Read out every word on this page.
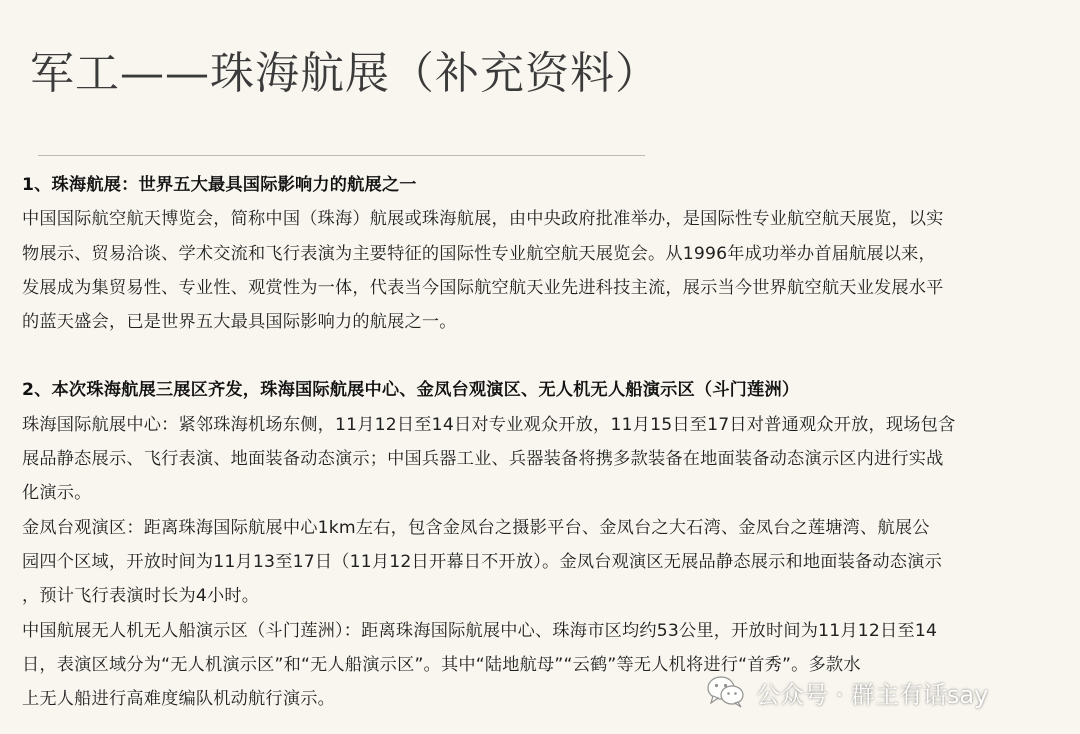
军工——珠海航展（补充资料）

1、珠海航展：世界五大最具国际影响力的航展之一

中国国际航空航天博览会，简称中国（珠海）航展或珠海航展，由中央政府批准举办，是国际性专业航空航天展览，以实

物展示、贸易洽谈、学术交流和飞行表演为主要特征的国际性专业航空航天展览会。从1996年成功举办首届航展以来，

发展成为集贸易性、专业性、观赏性为一体，代表当今国际航空航天业先进科技主流，展示当今世界航空航天业发展水平

的蓝天盛会，已是世界五大最具国际影响力的航展之一。

2、本次珠海航展三展区齐发，珠海国际航展中心、金凤台观演区、无人机无人船演示区（斗门莲洲）

珠海国际航展中心：紧邻珠海机场东侧，11月12日至14日对专业观众开放，11月15日至17日对普通观众开放，现场包含

展品静态展示、飞行表演、地面装备动态演示；中国兵器工业、兵器装备将携多款装备在地面装备动态演示区内进行实战

化演示。

金凤台观演区：距离珠海国际航展中心1km左右，包含金凤台之摄影平台、金凤台之大石湾、金凤台之莲塘湾、航展公

园四个区域，开放时间为11月13至17日（11月12日开幕日不开放）。金凤台观演区无展品静态展示和地面装备动态演示

，预计飞行表演时长为4小时。

中国航展无人机无人船演示区（斗门莲洲）：距离珠海国际航展中心、珠海市区均约53公里，开放时间为11月12日至14

日，表演区域分为“无人机演示区”和“无人船演示区”。其中“陆地航母”“云鹤”等无人机将进行“首秀”。多款水

上无人船进行高难度编队机动航行演示。	公众号 · 群主有话say
